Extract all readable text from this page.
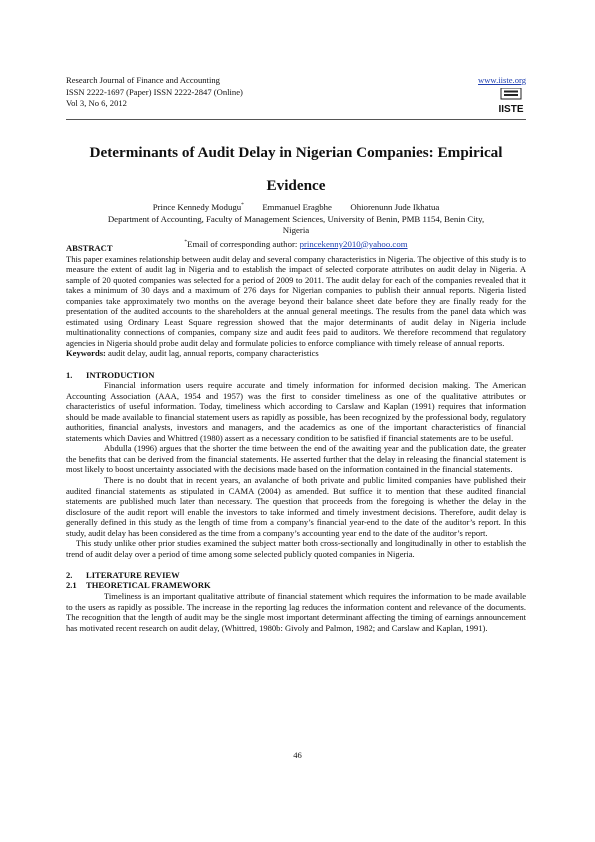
Research Journal of Finance and Accounting
ISSN 2222-1697 (Paper) ISSN 2222-2847 (Online)
Vol 3, No 6, 2012
www.iiste.org
IISTE
Determinants of Audit Delay in Nigerian Companies: Empirical
Evidence
Prince Kennedy Modugu* Emmanuel Eragbhe Ohiorenunn Jude Ikhatua
Department of Accounting, Faculty of Management Sciences, University of Benin, PMB 1154, Benin City,
Nigeria
*Email of corresponding author: princekenny2010@yahoo.com

ABSTRACT

This paper examines relationship between audit delay and several company characteristics in Nigeria. The objective of this study is to measure the extent of audit lag in Nigeria and to establish the impact of selected corporate attributes on audit delay in Nigeria. A sample of 20 quoted companies was selected for a period of 2009 to 2011. The audit delay for each of the companies revealed that it takes a minimum of 30 days and a maximum of 276 days for Nigerian companies to publish their annual reports. Nigeria listed companies take approximately two months on the average beyond their balance sheet date before they are finally ready for the presentation of the audited accounts to the shareholders at the annual general meetings. The results from the panel data which was estimated using Ordinary Least Square regression showed that the major determinants of audit delay in Nigeria include multinationality connections of companies, company size and audit fees paid to auditors. We therefore recommend that regulatory agencies in Nigeria should probe audit delay and formulate policies to enforce compliance with timely release of annual reports.

Keywords: audit delay, audit lag, annual reports, company characteristics

1. INTRODUCTION

Financial information users require accurate and timely information for informed decision making. The American Accounting Association (AAA, 1954 and 1957) was the first to consider timeliness as one of the qualitative attributes or characteristics of useful information. Today, timeliness which according to Carslaw and Kaplan (1991) requires that information should be made available to financial statement users as rapidly as possible, has been recognized by the professional body, regulatory authorities, financial analysts, investors and managers, and the academics as one of the important characteristics of financial statements which Davies and Whittred (1980) assert as a necessary condition to be satisfied if financial statements are to be useful.

Abdulla (1996) argues that the shorter the time between the end of the awaiting year and the publication date, the greater the benefits that can be derived from the financial statements. He asserted further that the delay in releasing the financial statement is most likely to boost uncertainty associated with the decisions made based on the information contained in the financial statements.

There is no doubt that in recent years, an avalanche of both private and public limited companies have published their audited financial statements as stipulated in CAMA (2004) as amended. But suffice it to mention that these audited financial statements are published much later than necessary. The question that proceeds from the foregoing is whether the delay in the disclosure of the audit report will enable the investors to take informed and timely investment decisions. Therefore, audit delay is generally defined in this study as the length of time from a company’s financial year-end to the date of the auditor’s report. In this study, audit delay has been considered as the time from a company’s accounting year end to the date of the auditor’s report.

This study unlike other prior studies examined the subject matter both cross-sectionally and longitudinally in other to establish the trend of audit delay over a period of time among some selected publicly quoted companies in Nigeria.

2. LITERATURE REVIEW

2.1 THEORETICAL FRAMEWORK

Timeliness is an important qualitative attribute of financial statement which requires the information to be made available to the users as rapidly as possible. The increase in the reporting lag reduces the information content and relevance of the documents. The recognition that the length of audit may be the single most important determinant affecting the timing of earnings announcement has motivated recent research on audit delay, (Whittred, 1980b: Givoly and Palmon, 1982; and Carslaw and Kaplan, 1991).

46
